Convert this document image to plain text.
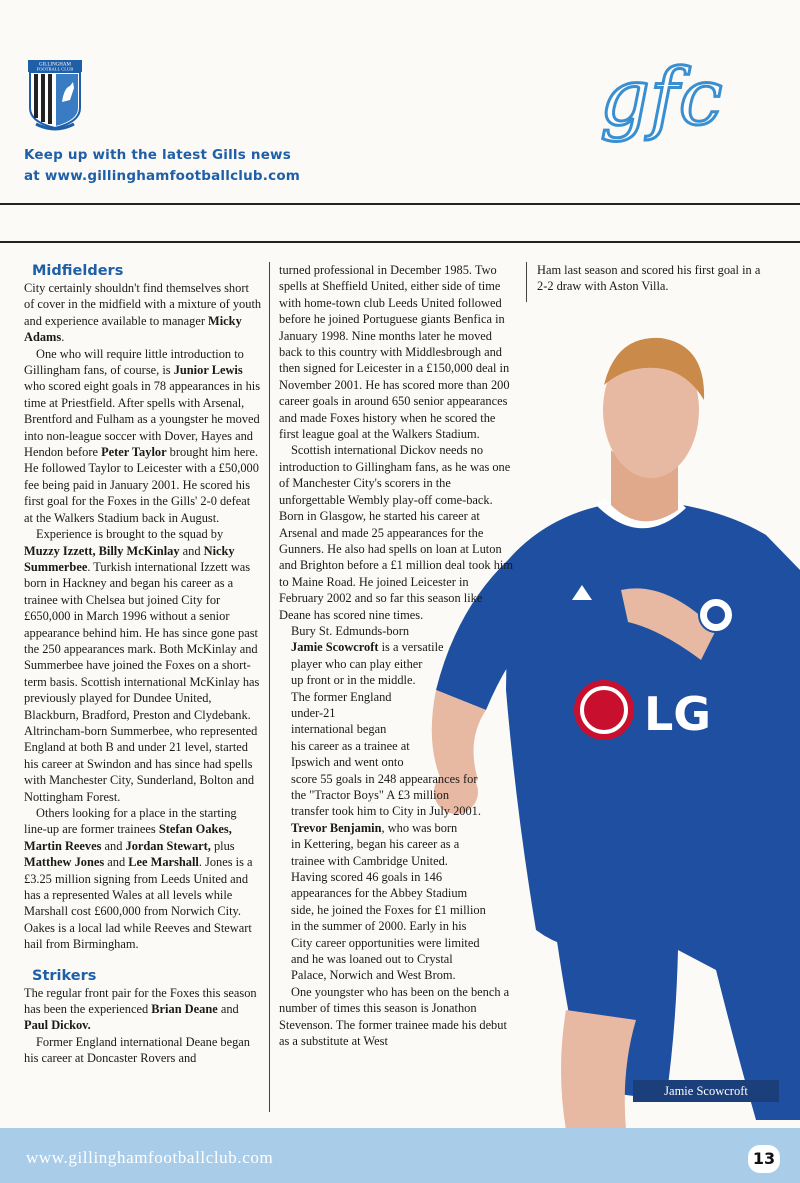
GILLINGHAM
FOOTBALL CLUB
Keep up with the latest Gills news
at www.gillinghamfootballclub.com
gfc
Midfielders

City certainly shouldn't find themselves short of cover in the midfield with a mixture of youth and experience available to manager Micky Adams.

One who will require little introduction to Gillingham fans, of course, is Junior Lewis who scored eight goals in 78 appearances in his time at Priestfield. After spells with Arsenal, Brentford and Fulham as a youngster he moved into non-league soccer with Dover, Hayes and Hendon before Peter Taylor brought him here. He followed Taylor to Leicester with a £50,000 fee being paid in January 2001. He scored his first goal for the Foxes in the Gills' 2-0 defeat at the Walkers Stadium back in August.

Experience is brought to the squad by Muzzy Izzett, Billy McKinlay and Nicky Summerbee. Turkish international Izzett was born in Hackney and began his career as a trainee with Chelsea but joined City for £650,000 in March 1996 without a senior appearance behind him. He has since gone past the 250 appearances mark. Both McKinlay and Summerbee have joined the Foxes on a short-term basis. Scottish international McKinlay has previously played for Dundee United, Blackburn, Bradford, Preston and Clydebank. Altrincham-born Summerbee, who represented England at both B and under 21 level, started his career at Swindon and has since had spells with Manchester City, Sunderland, Bolton and Nottingham Forest.

Others looking for a place in the starting line-up are former trainees Stefan Oakes, Martin Reeves and Jordan Stewart, plus Matthew Jones and Lee Marshall. Jones is a £3.25 million signing from Leeds United and has a represented Wales at all levels while Marshall cost £600,000 from Norwich City. Oakes is a local lad while Reeves and Stewart hail from Birmingham.

Strikers

The regular front pair for the Foxes this season has been the experienced Brian Deane and Paul Dickov.

Former England international Deane began his career at Doncaster Rovers and

LG

turned professional in December 1985. Two spells at Sheffield United, either side of time with home-town club Leeds United followed before he joined Portuguese giants Benfica in January 1998. Nine months later he moved back to this country with Middlesbrough and then signed for Leicester in a £150,000 deal in November 2001. He has scored more than 200 career goals in around 650 senior appearances and made Foxes history when he scored the first league goal at the Walkers Stadium.

Scottish international Dickov needs no introduction to Gillingham fans, as he was one of Manchester City's scorers in the unforgettable Wembly play-off come-back. Born in Glasgow, he started his career at Arsenal and made 25 appearances for the Gunners. He also had spells on loan at Luton and Brighton before a £1 million deal took him to Maine Road. He joined Leicester in February 2002 and so far this season like Deane has scored nine times.

Bury St. Edmunds-born
Jamie Scowcroft is a versatile
player who can play either
up front or in the middle.
The former England
under-21
international began
his career as a trainee at
Ipswich and went onto
score 55 goals in 248 appearances for
the "Tractor Boys" A £3 million
transfer took him to City in July 2001.

Trevor Benjamin, who was born
in Kettering, began his career as a
trainee with Cambridge United.
Having scored 46 goals in 146
appearances for the Abbey Stadium
side, he joined the Foxes for £1 million
in the summer of 2000. Early in his
City career opportunities were limited
and he was loaned out to Crystal
Palace, Norwich and West Brom.

One youngster who has been on the bench a number of times this season is Jonathon Stevenson. The former trainee made his debut as a substitute at West

Ham last season and scored his first goal in a 2-2 draw with Aston Villa.

Jamie Scowcroft
www.gillinghamfootballclub.com	13
